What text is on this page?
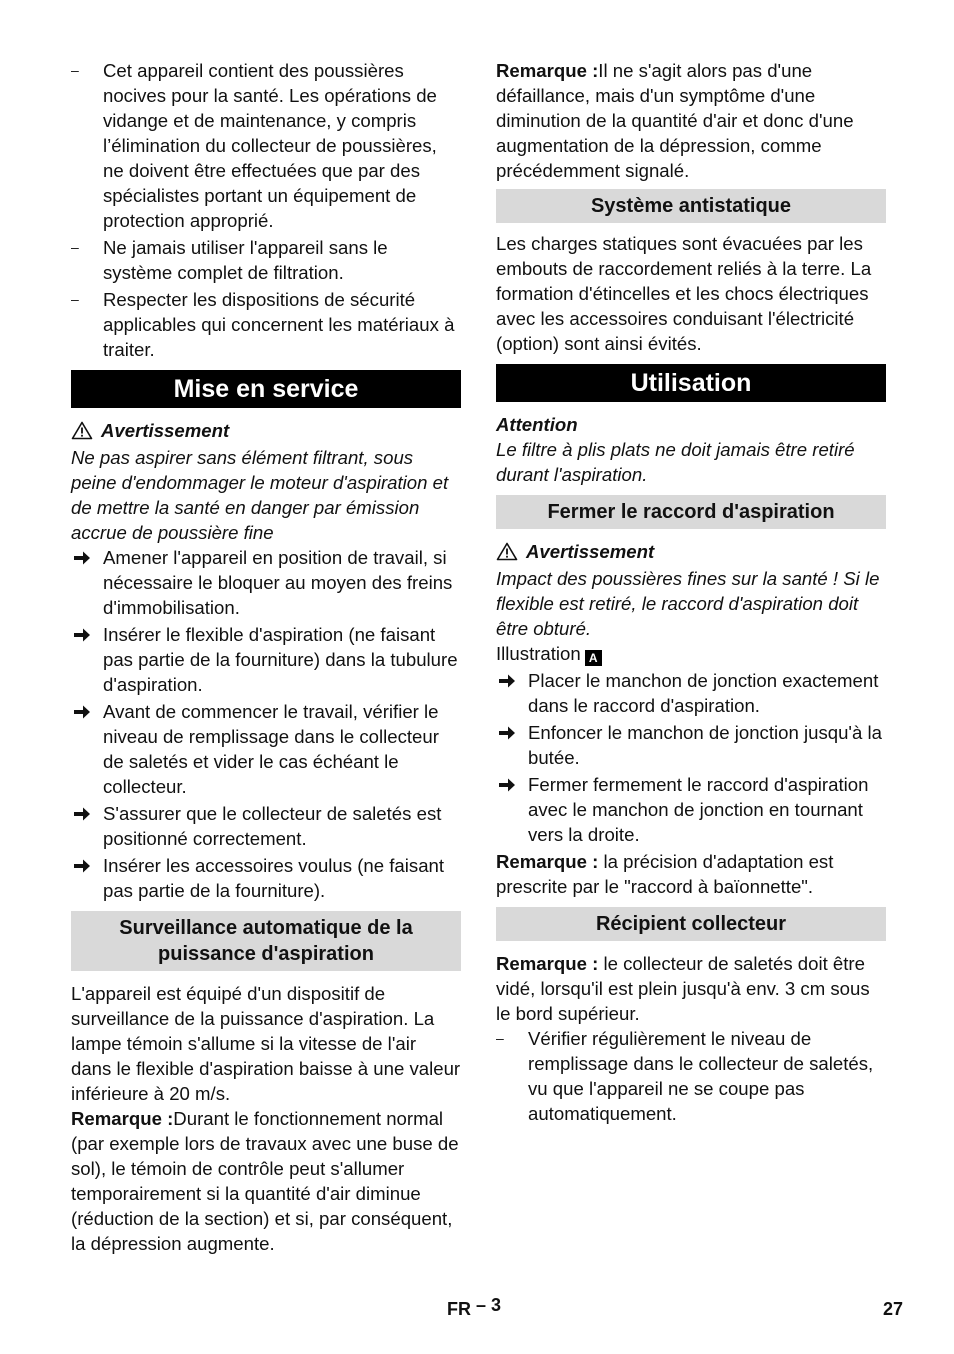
– Cet appareil contient des poussières nocives pour la santé. Les opérations de vidange et de maintenance, y compris l’élimination du collecteur de poussières, ne doivent être effectuées que par des spécialistes portant un équipement de protection approprié.

– Ne jamais utiliser l'appareil sans le système complet de filtration.

– Respecter les dispositions de sécurité applicables qui concernent les matériaux à traiter.

Mise en service
Avertissement

Ne pas aspirer sans élément filtrant, sous peine d'endommager le moteur d'aspiration et de mettre la santé en danger par émission accrue de poussière fine

Amener l'appareil en position de travail, si nécessaire le bloquer au moyen des freins d'immobilisation.

Insérer le flexible d'aspiration (ne faisant pas partie de la fourniture) dans la tubulure d'aspiration.

Avant de commencer le travail, vérifier le niveau de remplissage dans le collecteur de saletés et vider le cas échéant le collecteur.

S'assurer que le collecteur de saletés est positionné correctement.

Insérer les accessoires voulus (ne faisant pas partie de la fourniture).

Surveillance automatique de la puissance d'aspiration

L'appareil est équipé d'un dispositif de surveillance de la puissance d'aspiration. La lampe témoin s'allume si la vitesse de l'air dans le flexible d'aspiration baisse à une valeur inférieure à 20 m/s.

Remarque :Durant le fonctionnement normal (par exemple lors de travaux avec une buse de sol), le témoin de contrôle peut s'allumer temporairement si la quantité d'air diminue (réduction de la section) et si, par conséquent, la dépression augmente.

Remarque :Il ne s'agit alors pas d'une défaillance, mais d'un symptôme d'une diminution de la quantité d'air et donc d'une augmentation de la dépression, comme précédemment signalé.

Système antistatique

Les charges statiques sont évacuées par les embouts de raccordement reliés à la terre. La formation d'étincelles et les chocs électriques avec les accessoires conduisant l'électricité (option) sont ainsi évités.

Utilisation

Attention

Le filtre à plis plats ne doit jamais être retiré durant l'aspiration.

Fermer le raccord d'aspiration
Avertissement

Impact des poussières fines sur la santé ! Si le flexible est retiré, le raccord d'aspiration doit être obturé.

Illustration A

Placer le manchon de jonction exactement dans le raccord d'aspiration.

Enfoncer le manchon de jonction jusqu'à la butée.

Fermer fermement le raccord d'aspiration avec le manchon de jonction en tournant vers la droite.

Remarque : la précision d'adaptation est prescrite par le "raccord à baïonnette".

Récipient collecteur

Remarque : le collecteur de saletés doit être vidé, lorsqu'il est plein jusqu'à env. 3 cm sous le bord supérieur.

– Vérifier régulièrement le niveau de remplissage dans le collecteur de saletés, vu que l'appareil ne se coupe pas automatiquement.

FR – 3	27
